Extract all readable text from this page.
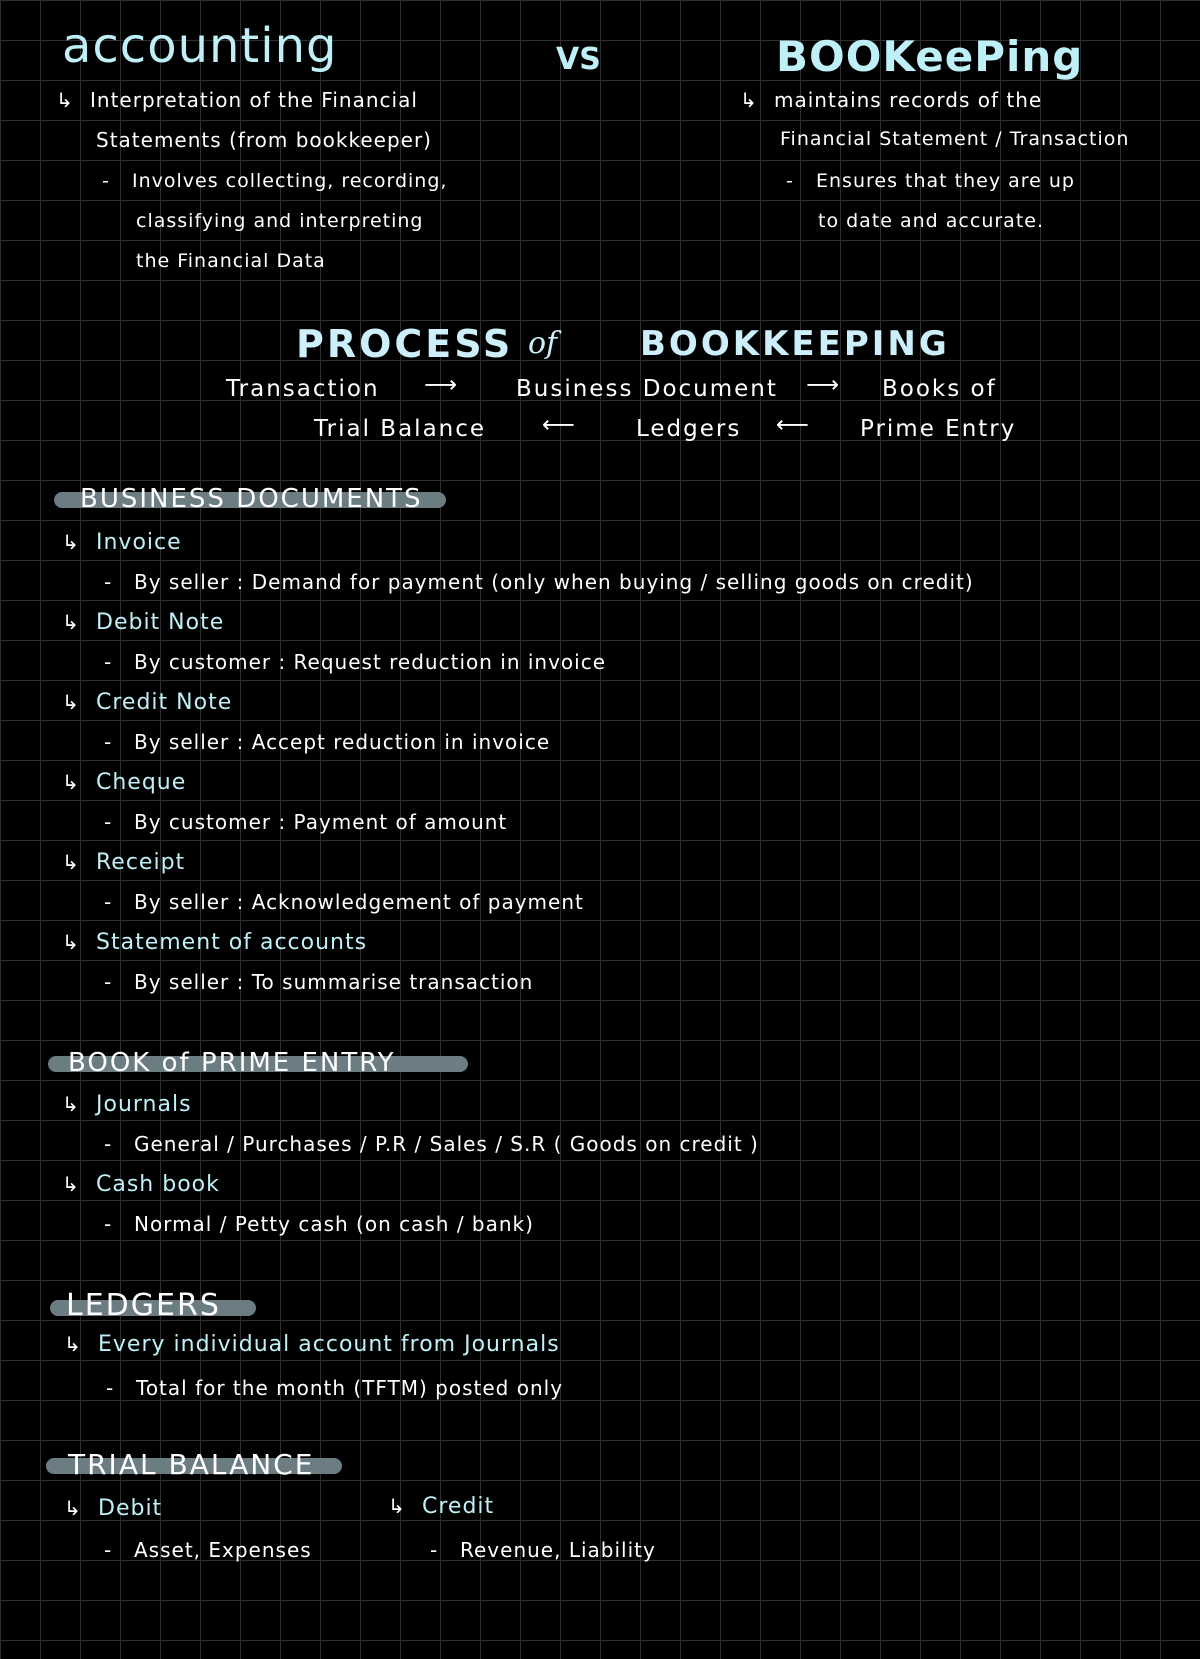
accounting	VS	BOOKeePing
↳ Interpretation of the Financial
Statements (from bookkeeper)
- Involves collecting, recording,
classifying and interpreting
the Financial Data
↳ maintains records of the
Financial Statement / Transaction
- Ensures that they are up
to date and accurate.
PROCESS of BOOKKEEPING
Transaction ⟶ Business Document ⟶ Books of
Trial Balance ⟵	Ledgers ⟵ Prime Entry
BUSINESS DOCUMENTS
↳ Invoice
- By seller : Demand for payment (only when buying / selling goods on credit)
↳ Debit Note
- By customer : Request reduction in invoice
↳ Credit Note
- By seller : Accept reduction in invoice
↳ Cheque
- By customer : Payment of amount
↳ Receipt
- By seller : Acknowledgement of payment
↳ Statement of accounts
- By seller : To summarise transaction
BOOK of PRIME ENTRY
↳ Journals
- General / Purchases / P.R / Sales / S.R ( Goods on credit )
↳ Cash book
- Normal / Petty cash (on cash / bank)
LEDGERS
↳ Every individual account from Journals
- Total for the month (TFTM) posted only
TRIAL BALANCE
↳ Debit
- Asset, Expenses
↳ Credit
- Revenue, Liability
